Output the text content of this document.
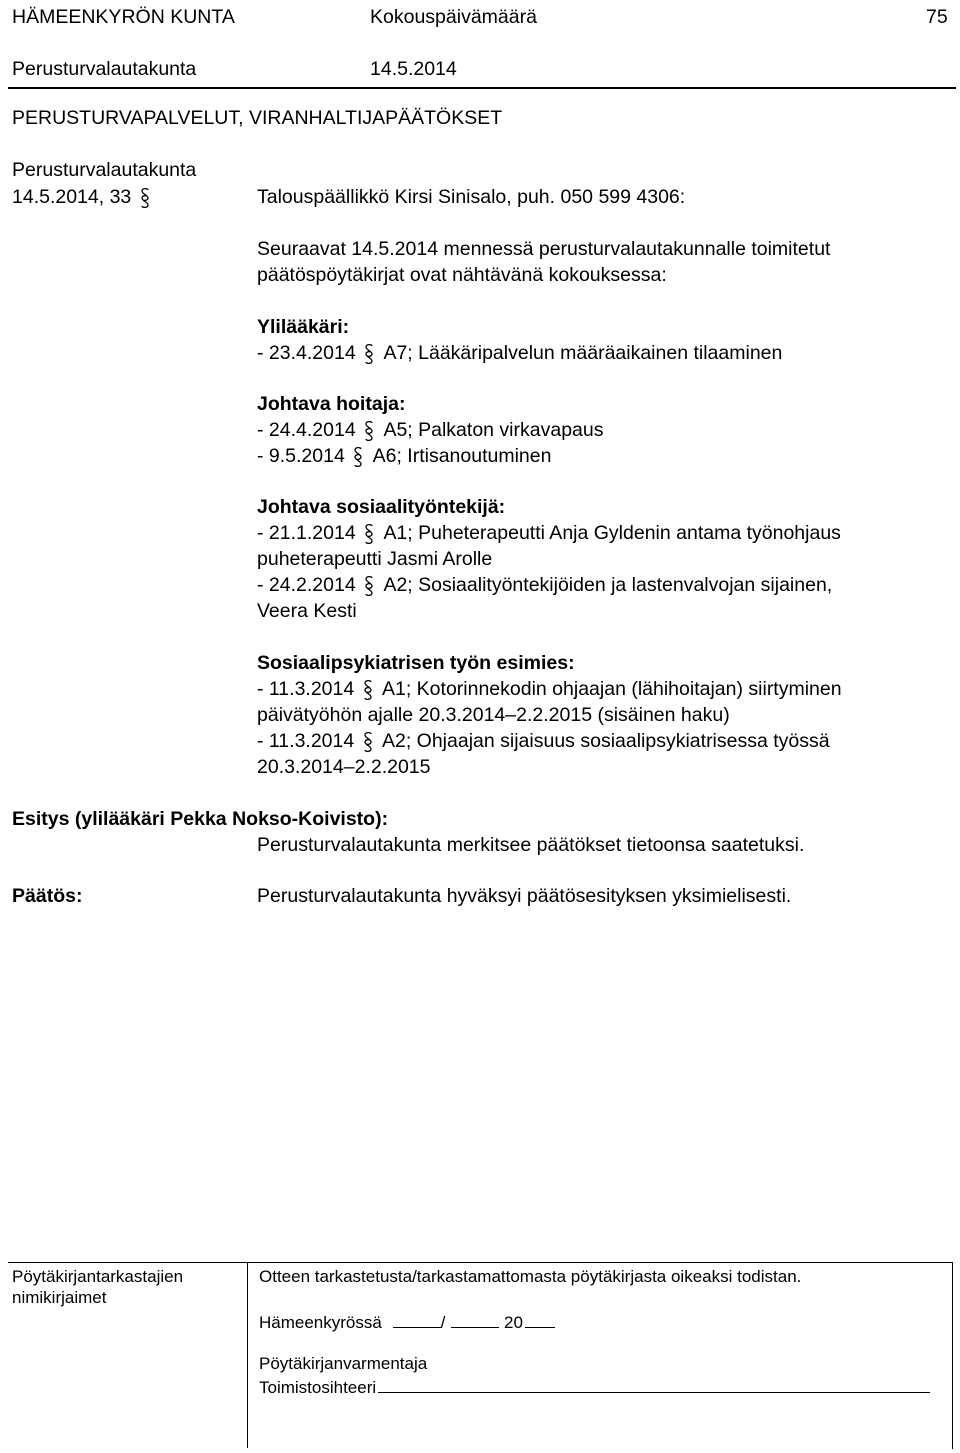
HÄMEENKYRÖN KUNTA	Kokouspäivämäärä	75
Perusturvalautakunta	14.5.2014
PERUSTURVAPALVELUT, VIRANHALTIJAPÄÄTÖKSET
Perusturvalautakunta
14.5.2014, 33	Talouspäällikkö Kirsi Sinisalo, puh. 050 599 4306:
Seuraavat 14.5.2014 mennessä perusturvalautakunnalle toimitetut
päätöspöytäkirjat ovat nähtävänä kokouksessa:
Ylilääkäri:
- 23.4.2014 A7; Lääkäripalvelun määräaikainen tilaaminen
Johtava hoitaja:
- 24.4.2014 A5; Palkaton virkavapaus
- 9.5.2014 A6; Irtisanoutuminen
Johtava sosiaalityöntekijä:
- 21.1.2014 A1; Puheterapeutti Anja Gyldenin antama työnohjaus
puheterapeutti Jasmi Arolle
- 24.2.2014 A2; Sosiaalityöntekijöiden ja lastenvalvojan sijainen,
Veera Kesti
Sosiaalipsykiatrisen työn esimies:
- 11.3.2014 A1; Kotorinnekodin ohjaajan (lähihoitajan) siirtyminen
päivätyöhön ajalle 20.3.2014–2.2.2015 (sisäinen haku)
- 11.3.2014 A2; Ohjaajan sijaisuus sosiaalipsykiatrisessa työssä
20.3.2014–2.2.2015
Esitys (ylilääkäri Pekka Nokso-Koivisto):
Perusturvalautakunta merkitsee päätökset tietoonsa saatetuksi.
Päätös:	Perusturvalautakunta hyväksyi päätösesityksen yksimielisesti.
Pöytäkirjantarkastajien
nimikirjaimet
Otteen tarkastetusta/tarkastamattomasta pöytäkirjasta oikeaksi todistan.
Hämeenkyrössä	/	20
Pöytäkirjanvarmentaja
Toimistosihteeri
